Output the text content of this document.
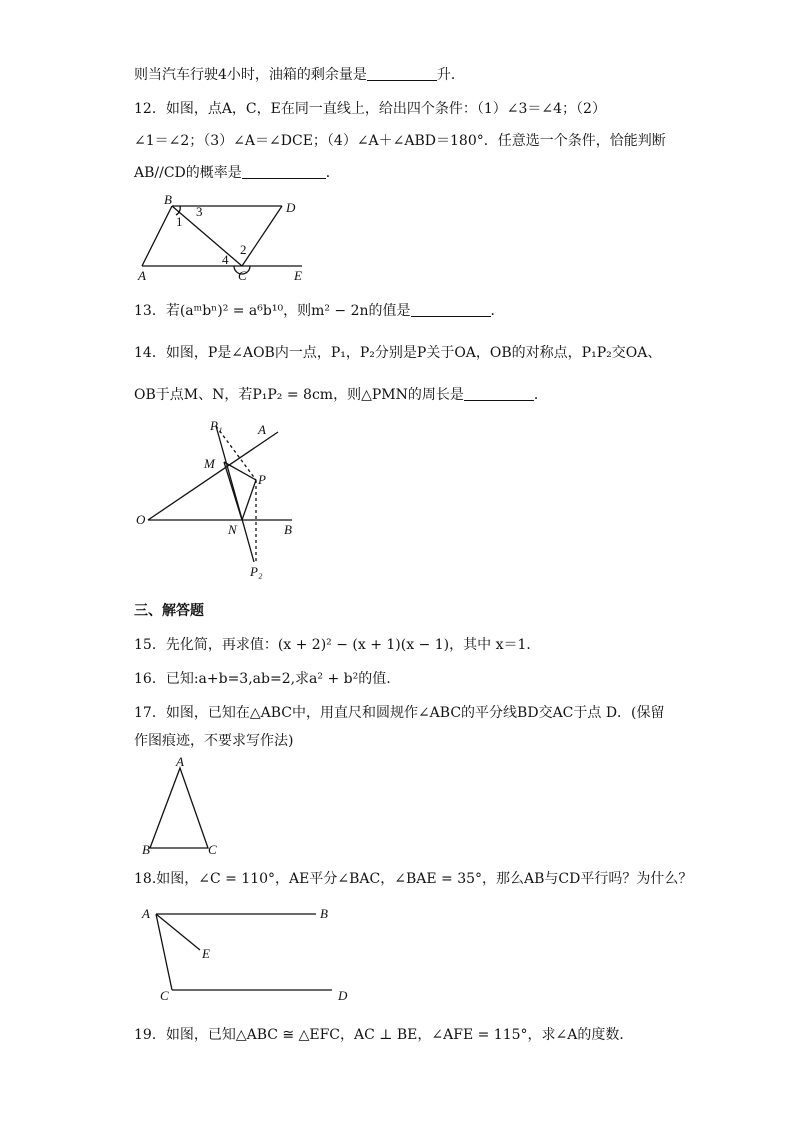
则当汽车行驶4小时，油箱的剩余量是	升．
12．如图，点A，C，E在同一直线上，给出四个条件：（1）∠3＝∠4；（2）
∠1＝∠2；（3）∠A＝∠DCE；（4）∠A＋∠ABD＝180°．任意选一个条件，恰能判断
AB//CD的概率是	．
B
1
3	D
2
4
A	C	E
13．若(aᵐbⁿ)² = a⁶b¹⁰，则m² − 2n的值是	．
14．如图，P是∠AOB内一点，P₁，P₂分别是P关于OA，OB的对称点，P₁P₂交OA、
OB于点M、N，若P₁P₂ = 8cm，则△PMN的周长是	．
P₁	A
M
P
O
N	B
P₂
三、解答题
15．先化简，再求值：(x + 2)² − (x + 1)(x − 1)，其中 x＝1．
16．已知:a+b=3,ab=2,求a² + b²的值.
17．如图，已知在△ABC中，用直尺和圆规作∠ABC的平分线BD交AC于点 D．(保留
作图痕迹，不要求写作法)
A
B	C
18.如图，∠C = 110°，AE平分∠BAC，∠BAE = 35°，那么AB与CD平行吗？为什么？
A	B
E
C	D
19．如图，已知△ABC ≅ △EFC，AC ⊥ BE，∠AFE = 115°，求∠A的度数．
